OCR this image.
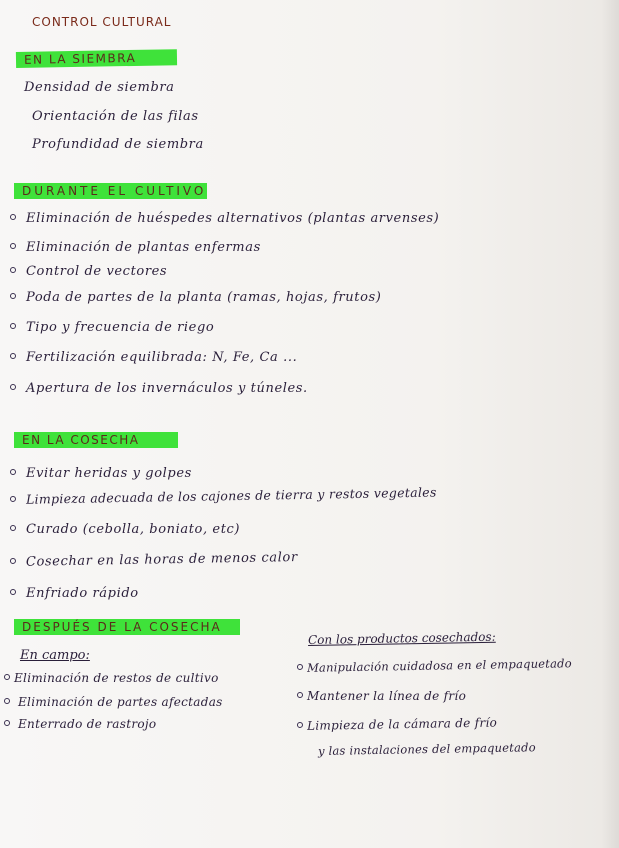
CONTROL CULTURAL
EN LA SIEMBRA
Densidad de siembra
Orientación de las filas
Profundidad de siembra
DURANTE EL CULTIVO
Eliminación de huéspedes alternativos (plantas arvenses)
Eliminación de plantas enfermas
Control de vectores
Poda de partes de la planta (ramas, hojas, frutos)
Tipo y frecuencia de riego
Fertilización equilibrada: N, Fe, Ca ...
Apertura de los invernáculos y túneles.
EN LA COSECHA
Evitar heridas y golpes
Limpieza adecuada de los cajones de tierra y restos vegetales
Curado (cebolla, boniato, etc)
Cosechar en las horas de menos calor
Enfriado rápido
DESPUÉS DE LA COSECHA
En campo:
Eliminación de restos de cultivo
Eliminación de partes afectadas
Enterrado de rastrojo
Con los productos cosechados:
Manipulación cuidadosa en el empaquetado
Mantener la línea de frío
Limpieza de la cámara de frío
y las instalaciones del empaquetado
